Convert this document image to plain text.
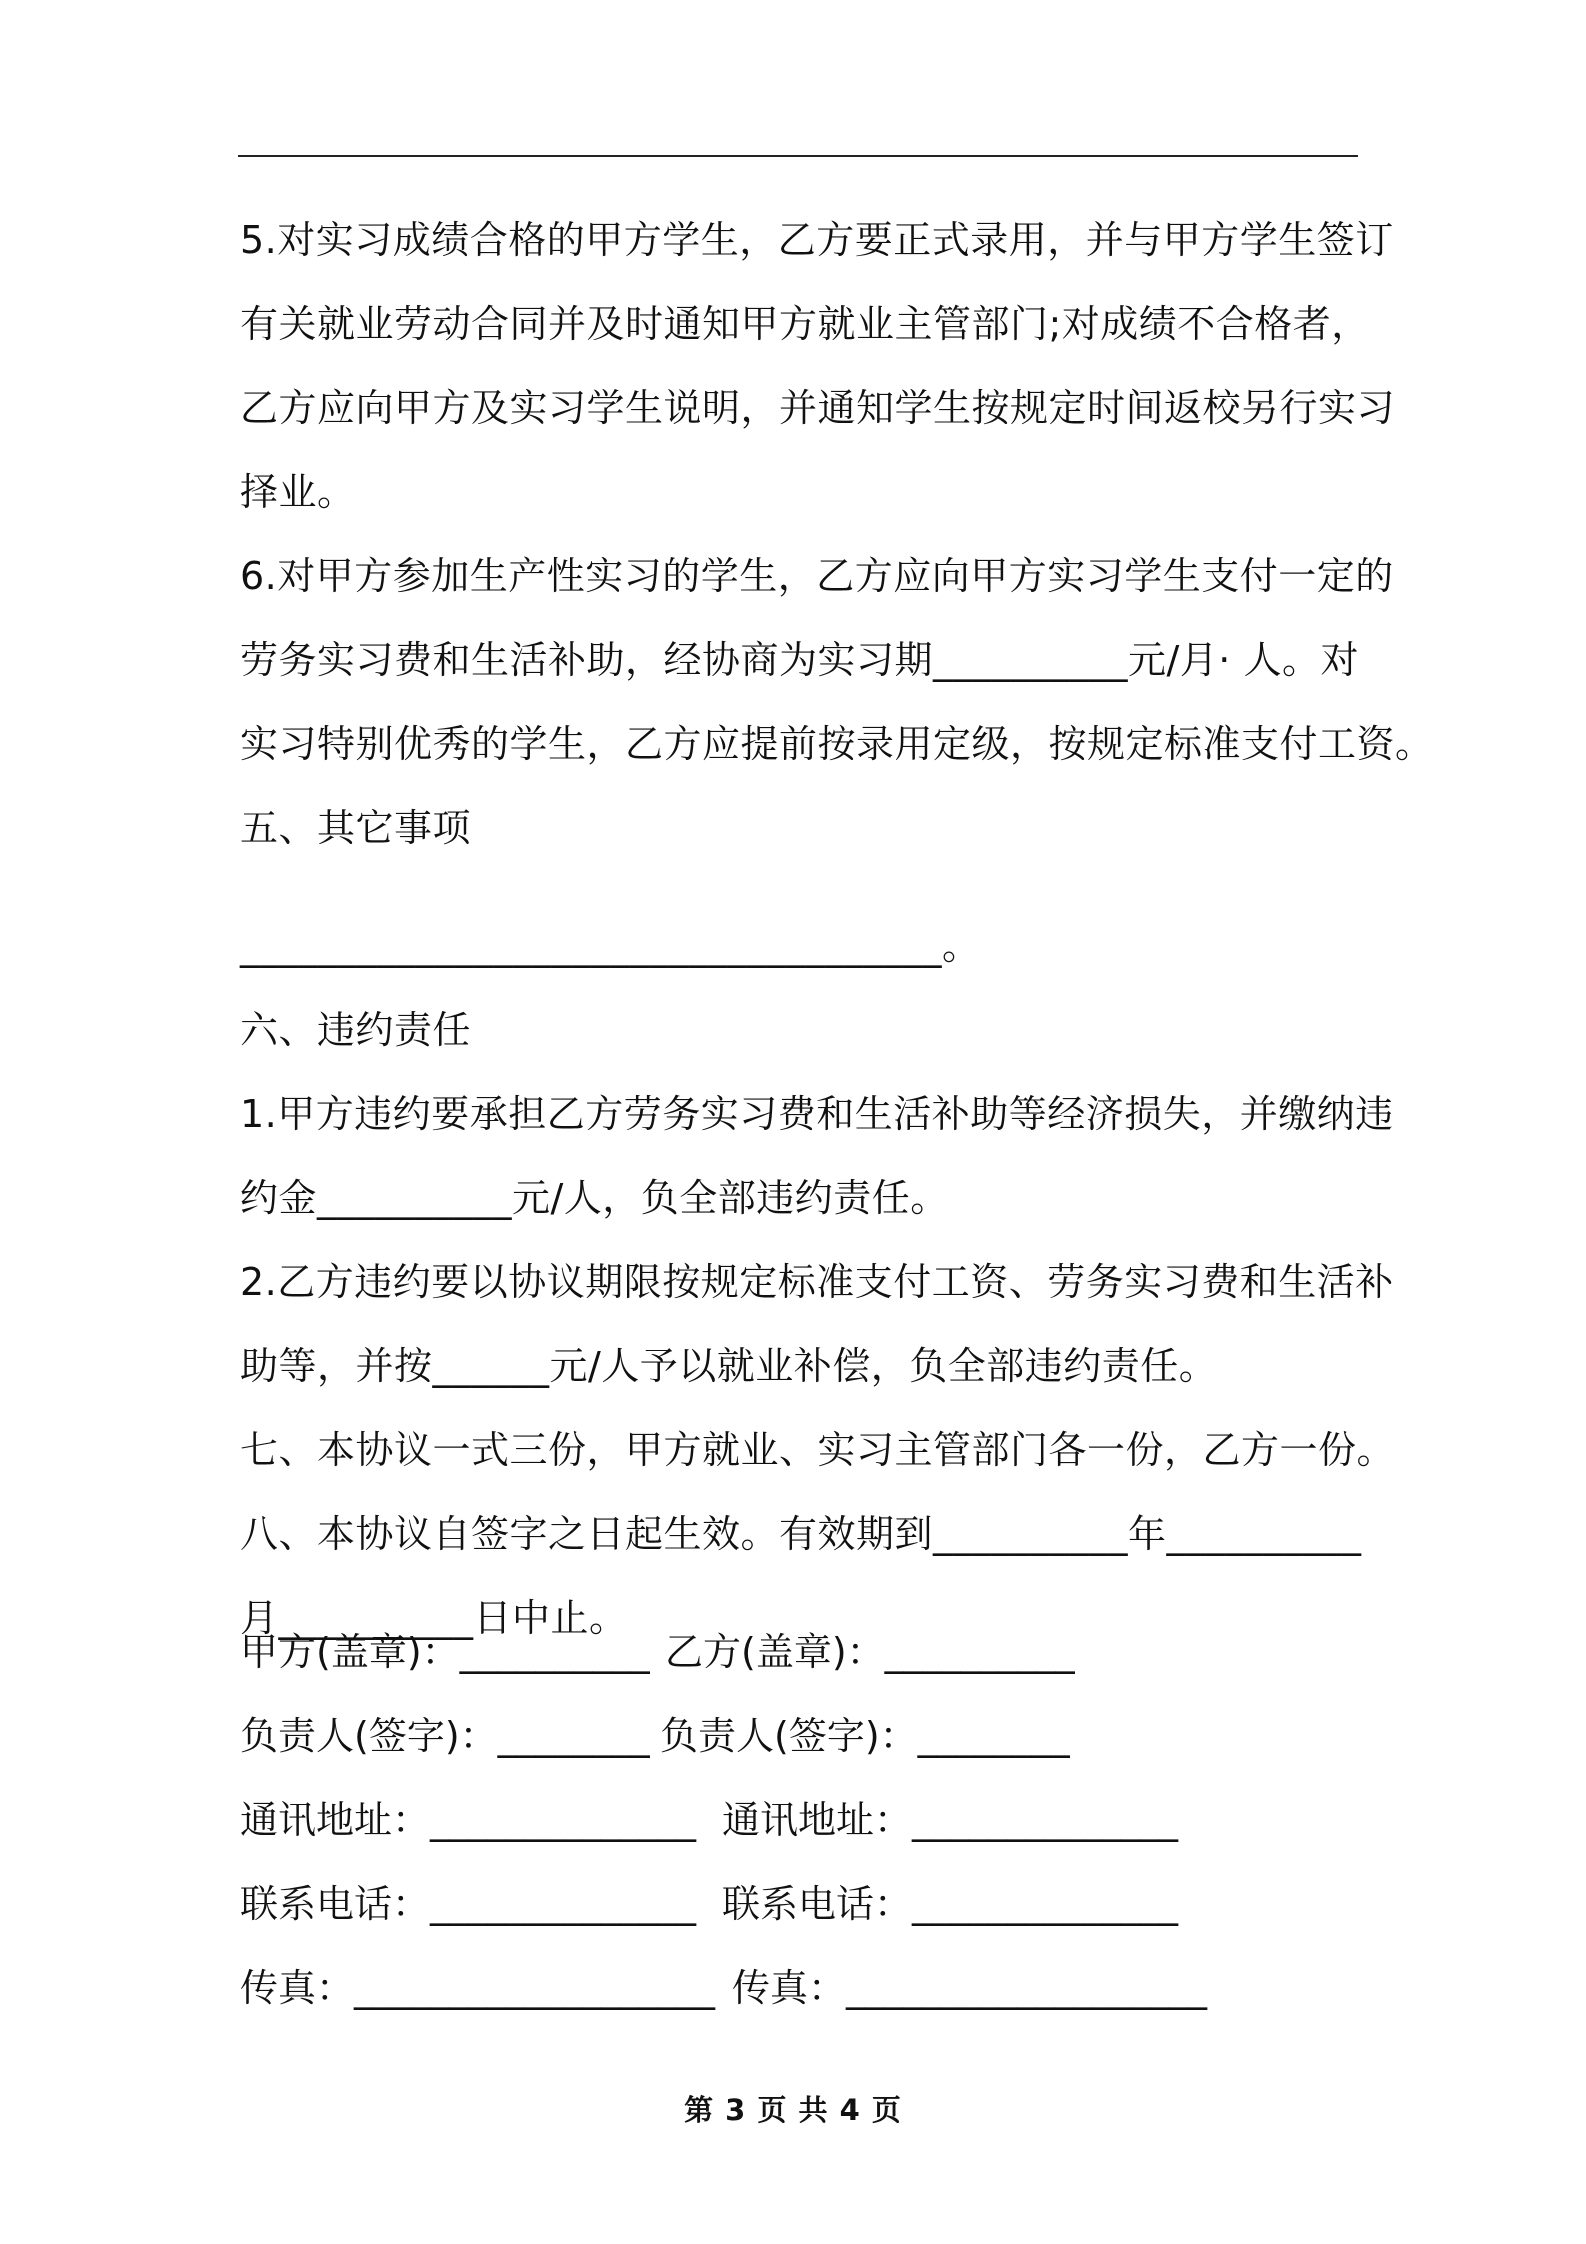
5.对实习成绩合格的甲方学生，乙方要正式录用，并与甲方学生签订
有关就业劳动合同并及时通知甲方就业主管部门;对成绩不合格者，
乙方应向甲方及实习学生说明，并通知学生按规定时间返校另行实习
择业。
6.对甲方参加生产性实习的学生，乙方应向甲方实习学生支付一定的
劳务实习费和生活补助，经协商为实习期__________元/月· 人。对
实习特别优秀的学生，乙方应提前按录用定级，按规定标准支付工资。
五、其它事项
____________________________________。
六、违约责任
1.甲方违约要承担乙方劳务实习费和生活补助等经济损失，并缴纳违
约金__________元/人，负全部违约责任。
2.乙方违约要以协议期限按规定标准支付工资、劳务实习费和生活补
助等，并按______元/人予以就业补偿，负全部违约责任。
七、本协议一式三份，甲方就业、实习主管部门各一份，乙方一份。
八、本协议自签字之日起生效。有效期到__________年__________
月__________日中止。
甲方(盖章)：__________ 乙方(盖章)：__________
负责人(签字)：________ 负责人(签字)：________
通讯地址：______________ 通讯地址：______________
联系电话：______________ 联系电话：______________
传真：___________________ 传真：___________________
第 3 页 共 4 页
